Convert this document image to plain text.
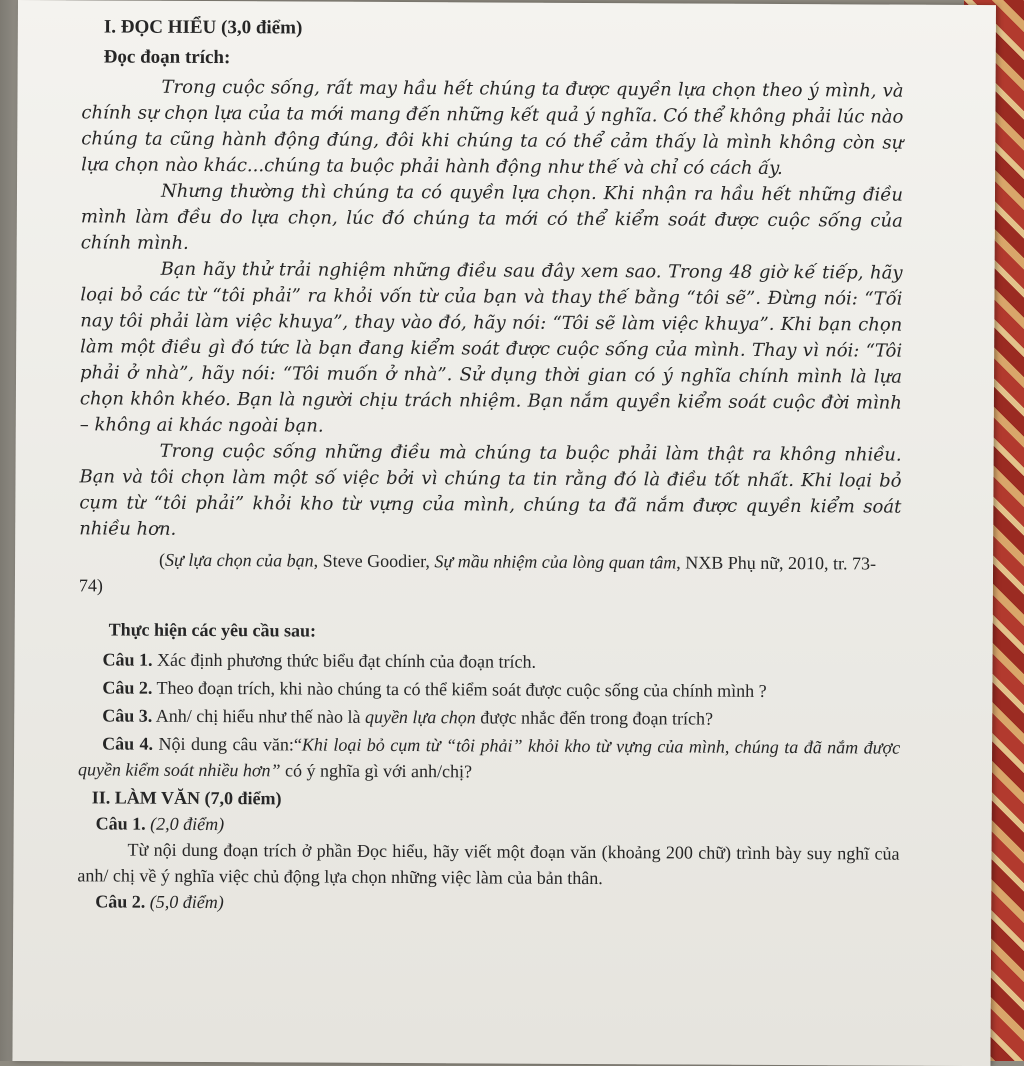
I. ĐỌC HIỂU (3,0 điểm)
Đọc đoạn trích:

Trong cuộc sống, rất may hầu hết chúng ta được quyền lựa chọn theo ý mình, và chính sự chọn lựa của ta mới mang đến những kết quả ý nghĩa. Có thể không phải lúc nào chúng ta cũng hành động đúng, đôi khi chúng ta có thể cảm thấy là mình không còn sự lựa chọn nào khác...chúng ta buộc phải hành động như thế và chỉ có cách ấy.

Nhưng thường thì chúng ta có quyền lựa chọn. Khi nhận ra hầu hết những điều mình làm đều do lựa chọn, lúc đó chúng ta mới có thể kiểm soát được cuộc sống của chính mình.

Bạn hãy thử trải nghiệm những điều sau đây xem sao. Trong 48 giờ kế tiếp, hãy loại bỏ các từ “tôi phải” ra khỏi vốn từ của bạn và thay thế bằng “tôi sẽ”. Đừng nói: “Tối nay tôi phải làm việc khuya”, thay vào đó, hãy nói: “Tôi sẽ làm việc khuya”. Khi bạn chọn làm một điều gì đó tức là bạn đang kiểm soát được cuộc sống của mình. Thay vì nói: “Tôi phải ở nhà”, hãy nói: “Tôi muốn ở nhà”. Sử dụng thời gian có ý nghĩa chính mình là lựa chọn khôn khéo. Bạn là người chịu trách nhiệm. Bạn nắm quyền kiểm soát cuộc đời mình – không ai khác ngoài bạn.

Trong cuộc sống những điều mà chúng ta buộc phải làm thật ra không nhiều. Bạn và tôi chọn làm một số việc bởi vì chúng ta tin rằng đó là điều tốt nhất. Khi loại bỏ cụm từ “tôi phải” khỏi kho từ vựng của mình, chúng ta đã nắm được quyền kiểm soát nhiều hơn.

(Sự lựa chọn của bạn, Steve Goodier, Sự mầu nhiệm của lòng quan tâm, NXB Phụ nữ, 2010, tr. 73- 74)

Thực hiện các yêu cầu sau:

Câu 1. Xác định phương thức biểu đạt chính của đoạn trích.

Câu 2. Theo đoạn trích, khi nào chúng ta có thể kiểm soát được cuộc sống của chính mình ?

Câu 3. Anh/ chị hiểu như thế nào là quyền lựa chọn được nhắc đến trong đoạn trích?

Câu 4. Nội dung câu văn:“Khi loại bỏ cụm từ “tôi phải” khỏi kho từ vựng của mình, chúng ta đã nắm được quyền kiểm soát nhiều hơn” có ý nghĩa gì với anh/chị?

II. LÀM VĂN (7,0 điểm)
Câu 1. (2,0 điểm)

Từ nội dung đoạn trích ở phần Đọc hiểu, hãy viết một đoạn văn (khoảng 200 chữ) trình bày suy nghĩ của anh/ chị về ý nghĩa việc chủ động lựa chọn những việc làm của bản thân.

Câu 2. (5,0 điểm)
